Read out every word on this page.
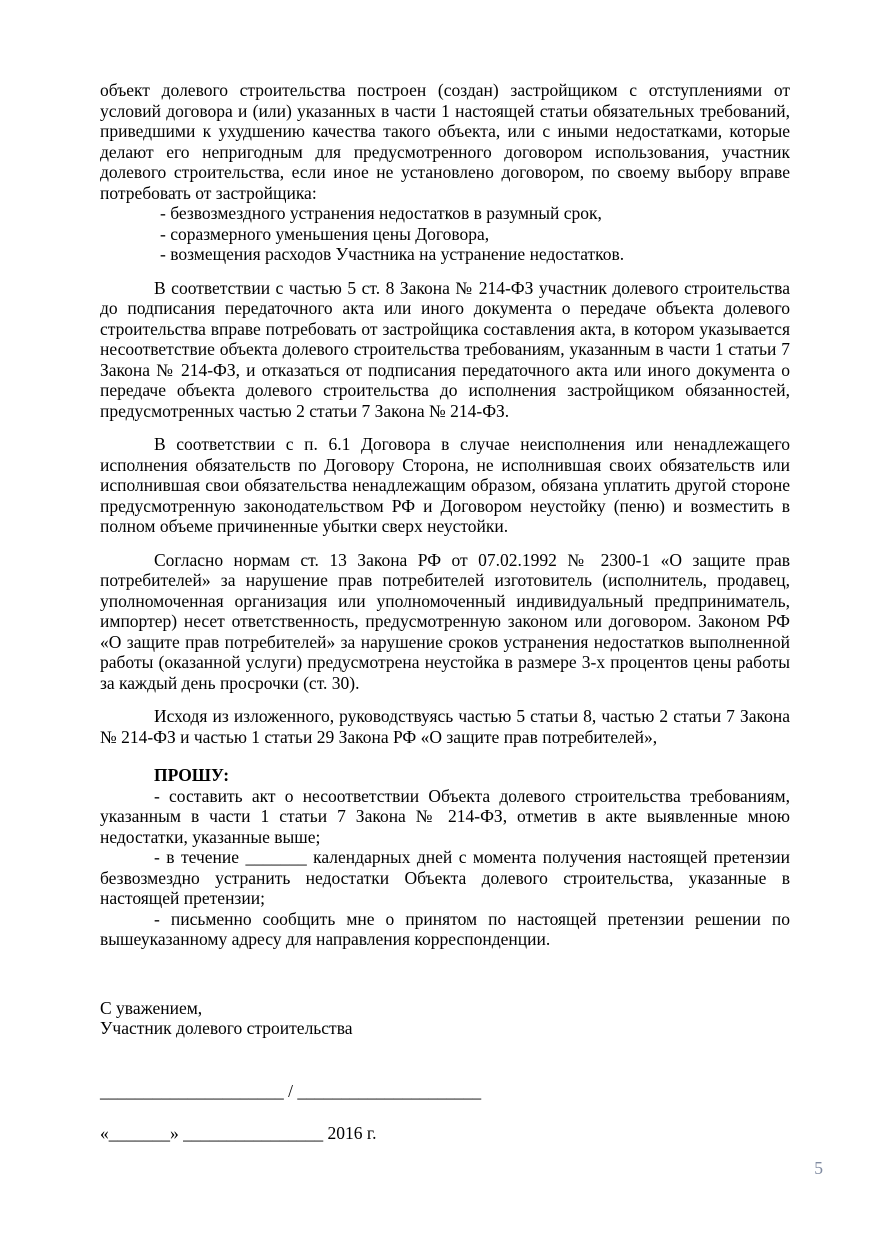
объект долевого строительства построен (создан) застройщиком с отступлениями от условий договора и (или) указанных в части 1 настоящей статьи обязательных требований, приведшими к ухудшению качества такого объекта, или с иными недостатками, которые делают его непригодным для предусмотренного договором использования, участник долевого строительства, если иное не установлено договором, по своему выбору вправе потребовать от застройщика:

- безвозмездного устранения недостатков в разумный срок,
- соразмерного уменьшения цены Договора,
- возмещения расходов Участника на устранение недостатков.

В соответствии с частью 5 ст. 8 Закона № 214-ФЗ участник долевого строительства до подписания передаточного акта или иного документа о передаче объекта долевого строительства вправе потребовать от застройщика составления акта, в котором указывается несоответствие объекта долевого строительства требованиям, указанным в части 1 статьи 7 Закона № 214-ФЗ, и отказаться от подписания передаточного акта или иного документа о передаче объекта долевого строительства до исполнения застройщиком обязанностей, предусмотренных частью 2 статьи 7 Закона № 214-ФЗ.

В соответствии с п. 6.1 Договора в случае неисполнения или ненадлежащего исполнения обязательств по Договору Сторона, не исполнившая своих обязательств или исполнившая свои обязательства ненадлежащим образом, обязана уплатить другой стороне предусмотренную законодательством РФ и Договором неустойку (пеню) и возместить в полном объеме причиненные убытки сверх неустойки.

Согласно нормам ст. 13 Закона РФ от 07.02.1992 № 2300-1 «О защите прав потребителей» за нарушение прав потребителей изготовитель (исполнитель, продавец, уполномоченная организация или уполномоченный индивидуальный предприниматель, импортер) несет ответственность, предусмотренную законом или договором. Законом РФ «О защите прав потребителей» за нарушение сроков устранения недостатков выполненной работы (оказанной услуги) предусмотрена неустойка в размере 3-х процентов цены работы за каждый день просрочки (ст. 30).

Исходя из изложенного, руководствуясь частью 5 статьи 8, частью 2 статьи 7 Закона № 214-ФЗ и частью 1 статьи 29 Закона РФ «О защите прав потребителей»,

ПРОШУ:

- составить акт о несоответствии Объекта долевого строительства требованиям, указанным в части 1 статьи 7 Закона № 214-ФЗ, отметив в акте выявленные мною недостатки, указанные выше;

- в течение _______ календарных дней с момента получения настоящей претензии безвозмездно устранить недостатки Объекта долевого строительства, указанные в настоящей претензии;

- письменно сообщить мне о принятом по настоящей претензии решении по вышеуказанному адресу для направления корреспонденции.

С уважением,
Участник долевого строительства
_____________________ / _____________________
«_______» ________________ 2016 г.
5
